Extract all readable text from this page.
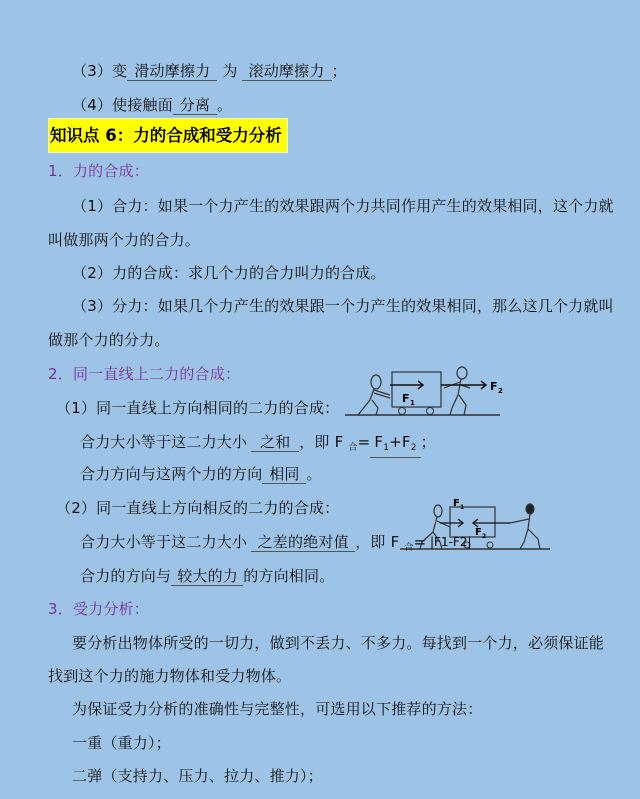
（3）变 滑动摩擦力 为 滚动摩擦力 ；
（4）使接触面 分离 。
知识点 6：力的合成和受力分析
1．力的合成：
（1）合力：如果一个力产生的效果跟两个力共同作用产生的效果相同，这个力就
叫做那两个力的合力。
（2）力的合成：求几个力的合力叫力的合成。
（3）分力：如果几个力产生的效果跟一个力产生的效果相同，那么这几个力就叫
做那个力的分力。
2．同一直线上二力的合成：
（1）同一直线上方向相同的二力的合成：
F 1
F 2
合力大小等于这二力大小 之和 ，即 F $_合= F_1+F_2$ ；
合力方向与这两个力的方向 相同 。
（2）同一直线上方向相反的二力的合成：	F 1
F 2
|F1-F2|
合力大小等于这二力大小 之差的绝对值 ，即 F $_合$=
合力的方向与 较大的力 的方向相同。
3．受力分析：
要分析出物体所受的一切力，做到不丢力、不多力。每找到一个力，必须保证能
找到这个力的施力物体和受力物体。
为保证受力分析的准确性与完整性，可选用以下推荐的方法：
一重（重力）；
二弹（支持力、压力、拉力、推力）；
